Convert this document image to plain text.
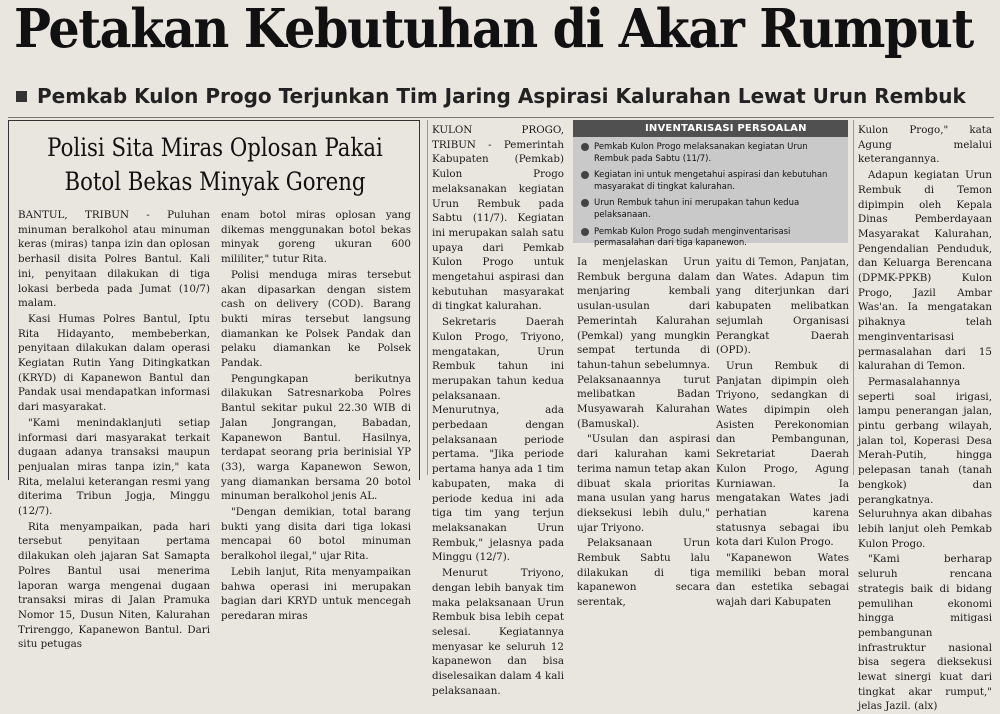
Petakan Kebutuhan di Akar Rumput
Pemkab Kulon Progo Terjunkan Tim Jaring Aspirasi Kalurahan Lewat Urun Rembuk
Polisi Sita Miras Oplosan Pakai
Botol Bekas Minyak Goreng

BANTUL, TRIBUN - Puluhan minuman beralkohol atau minuman keras (miras) tanpa izin dan oplosan berhasil disita Polres Bantul. Kali ini, penyitaan dilakukan di tiga lokasi berbeda pada Jumat (10/7) malam.

Kasi Humas Polres Bantul, Iptu Rita Hidayanto, membeberkan, penyitaan dilakukan dalam operasi Kegiatan Rutin Yang Ditingkatkan (KRYD) di Kapanewon Bantul dan Pandak usai mendapatkan informasi dari masyarakat.

"Kami menindaklanjuti setiap informasi dari masyarakat terkait dugaan adanya transaksi maupun penjualan miras tanpa izin," kata Rita, melalui keterangan resmi yang diterima Tribun Jogja, Minggu (12/7).

Rita menyampaikan, pada hari tersebut penyitaan pertama dilakukan oleh jajaran Sat Samapta Polres Bantul usai menerima laporan warga mengenai dugaan transaksi miras di Jalan Pramuka Nomor 15, Dusun Niten, Kalurahan Trirenggo, Kapanewon Bantul. Dari situ petugas

enam botol miras oplosan yang dikemas menggunakan botol bekas minyak goreng ukuran 600 mililiter," tutur Rita.

Polisi menduga miras tersebut akan dipasarkan dengan sistem cash on delivery (COD). Barang bukti miras tersebut langsung diamankan ke Polsek Pandak dan pelaku diamankan ke Polsek Pandak.

Pengungkapan berikutnya dilakukan Satresnarkoba Polres Bantul sekitar pukul 22.30 WIB di Jalan Jongrangan, Babadan, Kapanewon Bantul. Hasilnya, terdapat seorang pria berinisial YP (33), warga Kapanewon Sewon, yang diamankan bersama 20 botol minuman beralkohol jenis AL.

"Dengan demikian, total barang bukti yang disita dari tiga lokasi mencapai 60 botol minuman beralkohol ilegal," ujar Rita.

Lebih lanjut, Rita menyampaikan bahwa operasi ini merupakan bagian dari KRYD untuk mencegah peredaran miras

KULON PROGO, TRIBUN - Pemerintah Kabupaten (Pemkab) Kulon Progo melaksanakan kegiatan Urun Rembuk pada Sabtu (11/7). Kegiatan ini merupakan salah satu upaya dari Pemkab Kulon Progo untuk mengetahui aspirasi dan kebutuhan masyarakat di tingkat kalurahan.

Sekretaris Daerah Kulon Progo, Triyono, mengatakan, Urun Rembuk tahun ini merupakan tahun kedua pelaksanaan. Menurutnya, ada perbedaan dengan pelaksanaan periode pertama. "Jika periode pertama hanya ada 1 tim kabupaten, maka di periode kedua ini ada tiga tim yang terjun melaksanakan Urun Rembuk," jelasnya pada Minggu (12/7).

Menurut Triyono, dengan lebih banyak tim maka pelaksanaan Urun Rembuk bisa lebih cepat selesai. Kegiatannya menyasar ke seluruh 12 kapanewon dan bisa diselesaikan dalam 4 kali pelaksanaan.

INVENTARISASI PERSOALAN
Pemkab Kulon Progo melaksanakan kegiatan Urun Rembuk pada Sabtu (11/7).
Kegiatan ini untuk mengetahui aspirasi dan kebutuhan masyarakat di tingkat kalurahan.
Urun Rembuk tahun ini merupakan tahun kedua pelaksanaan.
Pemkab Kulon Progo sudah menginventarisasi permasalahan dari tiga kapanewon.

Ia menjelaskan Urun Rembuk berguna dalam menjaring kembali usulan-usulan dari Pemerintah Kalurahan (Pemkal) yang mungkin sempat tertunda di tahun-tahun sebelumnya. Pelaksanaannya turut melibatkan Badan Musyawarah Kalurahan (Bamuskal).

"Usulan dan aspirasi dari kalurahan kami terima namun tetap akan dibuat skala prioritas mana usulan yang harus dieksekusi lebih dulu," ujar Triyono.

Pelaksanaan Urun Rembuk Sabtu lalu dilakukan di tiga kapanewon secara serentak,

yaitu di Temon, Panjatan, dan Wates. Adapun tim yang diterjunkan dari kabupaten melibatkan sejumlah Organisasi Perangkat Daerah (OPD).

Urun Rembuk di Panjatan dipimpin oleh Triyono, sedangkan di Wates dipimpin oleh Asisten Perekonomian dan Pembangunan, Sekretariat Daerah Kulon Progo, Agung Kurniawan. Ia mengatakan Wates jadi perhatian karena statusnya sebagai ibu kota dari Kulon Progo.

"Kapanewon Wates memiliki beban moral dan estetika sebagai wajah dari Kabupaten

Kulon Progo," kata Agung melalui keterangannya.

Adapun kegiatan Urun Rembuk di Temon dipimpin oleh Kepala Dinas Pemberdayaan Masyarakat Kalurahan, Pengendalian Penduduk, dan Keluarga Berencana (DPMK-PPKB) Kulon Progo, Jazil Ambar Was'an. Ia mengatakan pihaknya telah menginventarisasi permasalahan dari 15 kalurahan di Temon.

Permasalahannya seperti soal irigasi, lampu penerangan jalan, pintu gerbang wilayah, jalan tol, Koperasi Desa Merah-Putih, hingga pelepasan tanah (tanah bengkok) dan perangkatnya. Seluruhnya akan dibahas lebih lanjut oleh Pemkab Kulon Progo.

"Kami berharap seluruh rencana strategis baik di bidang pemulihan ekonomi hingga mitigasi pembangunan infrastruktur nasional bisa segera dieksekusi lewat sinergi kuat dari tingkat akar rumput," jelas Jazil. (alx)
